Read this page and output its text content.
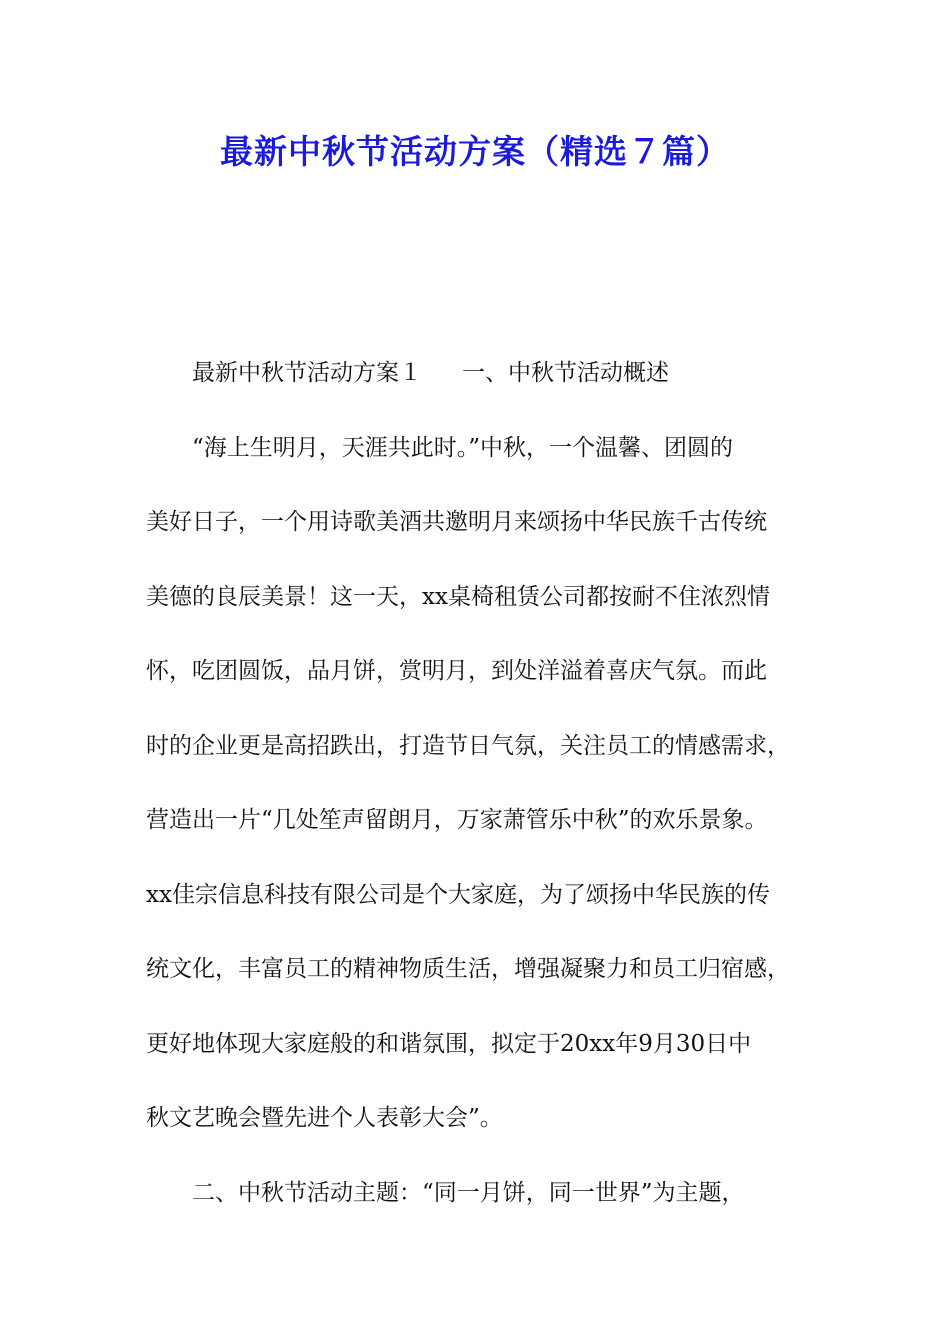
最新中秋节活动方案（精选７篇）

最新中秋节活动方案１ 一、中秋节活动概述

“海上生明月，天涯共此时。”中秋，一个温馨、团圆的
美好日子，一个用诗歌美酒共邀明月来颂扬中华民族千古传统
美德的良辰美景！这一天，xx桌椅租赁公司都按耐不住浓烈情
怀，吃团圆饭，品月饼，赏明月，到处洋溢着喜庆气氛。而此
时的企业更是高招跌出，打造节日气氛，关注员工的情感需求，
营造出一片“几处笙声留朗月，万家萧管乐中秋”的欢乐景象。
xx佳宗信息科技有限公司是个大家庭，为了颂扬中华民族的传
统文化，丰富员工的精神物质生活，增强凝聚力和员工归宿感，
更好地体现大家庭般的和谐氛围，拟定于20xx年9月30日中
秋文艺晚会暨先进个人表彰大会”。
二、中秋节活动主题：“同一月饼，同一世界”为主题，
